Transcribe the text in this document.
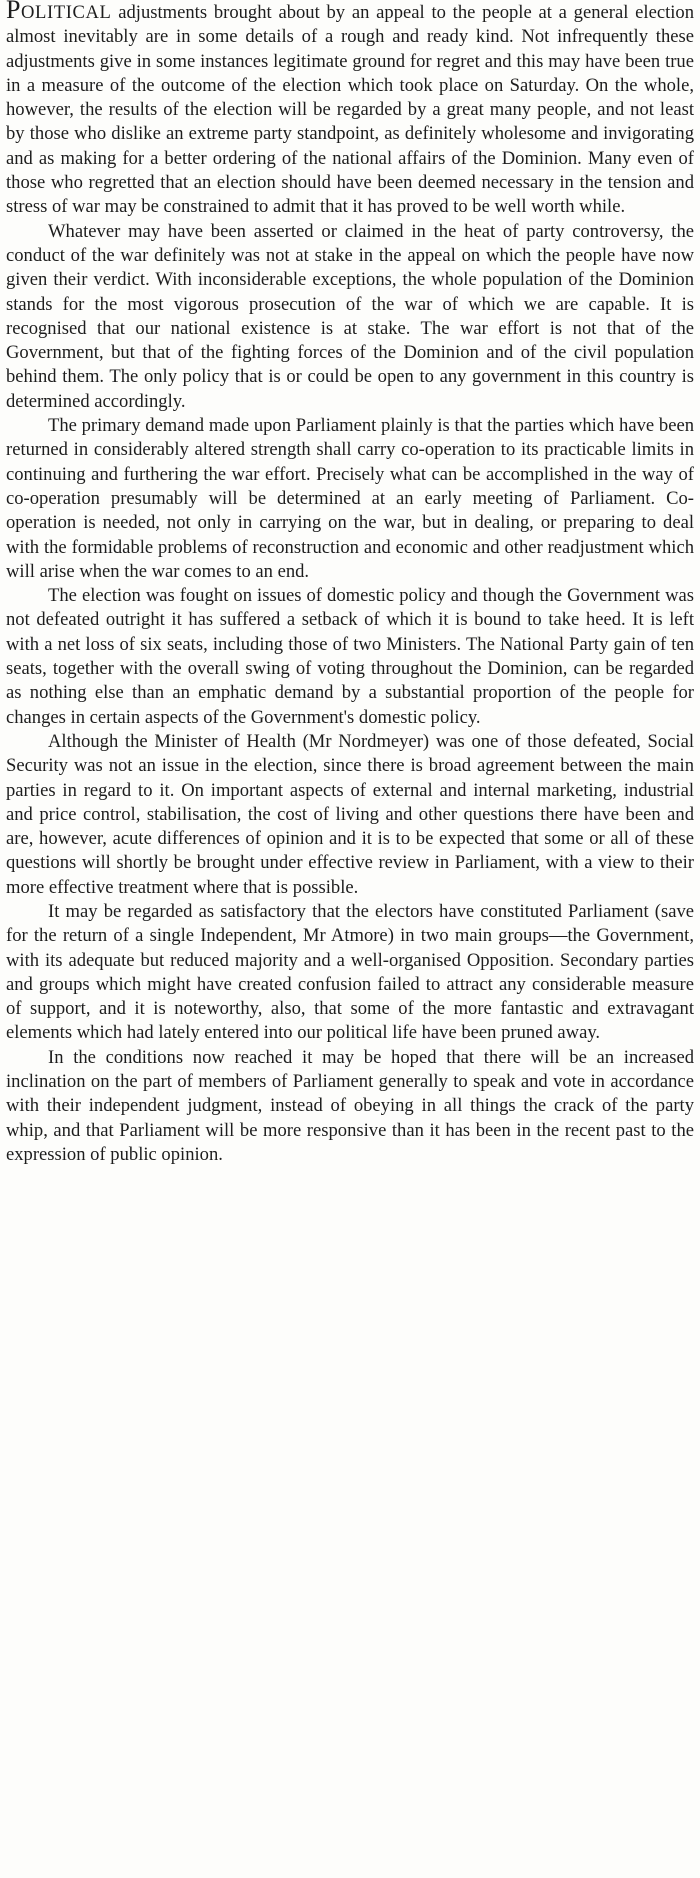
POLITICAL adjustments brought about by an appeal to the people at a general election almost inevitably are in some details of a rough and ready kind. Not infrequently these adjustments give in some instances legitimate ground for regret and this may have been true in a measure of the outcome of the election which took place on Saturday. On the whole, however, the results of the election will be regarded by a great many people, and not least by those who dislike an extreme party standpoint, as definitely wholesome and invigorating and as making for a better ordering of the national affairs of the Dominion. Many even of those who regretted that an election should have been deemed necessary in the tension and stress of war may be constrained to admit that it has proved to be well worth while.

Whatever may have been asserted or claimed in the heat of party controversy, the conduct of the war definitely was not at stake in the appeal on which the people have now given their verdict. With inconsiderable exceptions, the whole population of the Dominion stands for the most vigorous prosecution of the war of which we are capable. It is recognised that our national existence is at stake. The war effort is not that of the Government, but that of the fighting forces of the Dominion and of the civil population behind them. The only policy that is or could be open to any government in this country is determined accordingly.

The primary demand made upon Parliament plainly is that the parties which have been returned in considerably altered strength shall carry co-operation to its practicable limits in continuing and furthering the war effort. Precisely what can be accomplished in the way of co-operation presumably will be determined at an early meeting of Parliament. Co-operation is needed, not only in carrying on the war, but in dealing, or preparing to deal with the formidable problems of reconstruction and economic and other readjustment which will arise when the war comes to an end.

The election was fought on issues of domestic policy and though the Government was not defeated outright it has suffered a setback of which it is bound to take heed. It is left with a net loss of six seats, including those of two Ministers. The National Party gain of ten seats, together with the overall swing of voting throughout the Dominion, can be regarded as nothing else than an emphatic demand by a substantial proportion of the people for changes in certain aspects of the Government's domestic policy.

Although the Minister of Health (Mr Nordmeyer) was one of those defeated, Social Security was not an issue in the election, since there is broad agreement between the main parties in regard to it. On important aspects of external and internal marketing, industrial and price control, stabilisation, the cost of living and other questions there have been and are, however, acute differences of opinion and it is to be expected that some or all of these questions will shortly be brought under effective review in Parliament, with a view to their more effective treatment where that is possible.

It may be regarded as satisfactory that the electors have constituted Parliament (save for the return of a single Independent, Mr Atmore) in two main groups—the Government, with its adequate but reduced majority and a well-organised Opposition. Secondary parties and groups which might have created confusion failed to attract any considerable measure of support, and it is noteworthy, also, that some of the more fantastic and extravagant elements which had lately entered into our political life have been pruned away.

In the conditions now reached it may be hoped that there will be an increased inclination on the part of members of Parliament generally to speak and vote in accordance with their independent judgment, instead of obeying in all things the crack of the party whip, and that Parliament will be more responsive than it has been in the recent past to the expression of public opinion.
